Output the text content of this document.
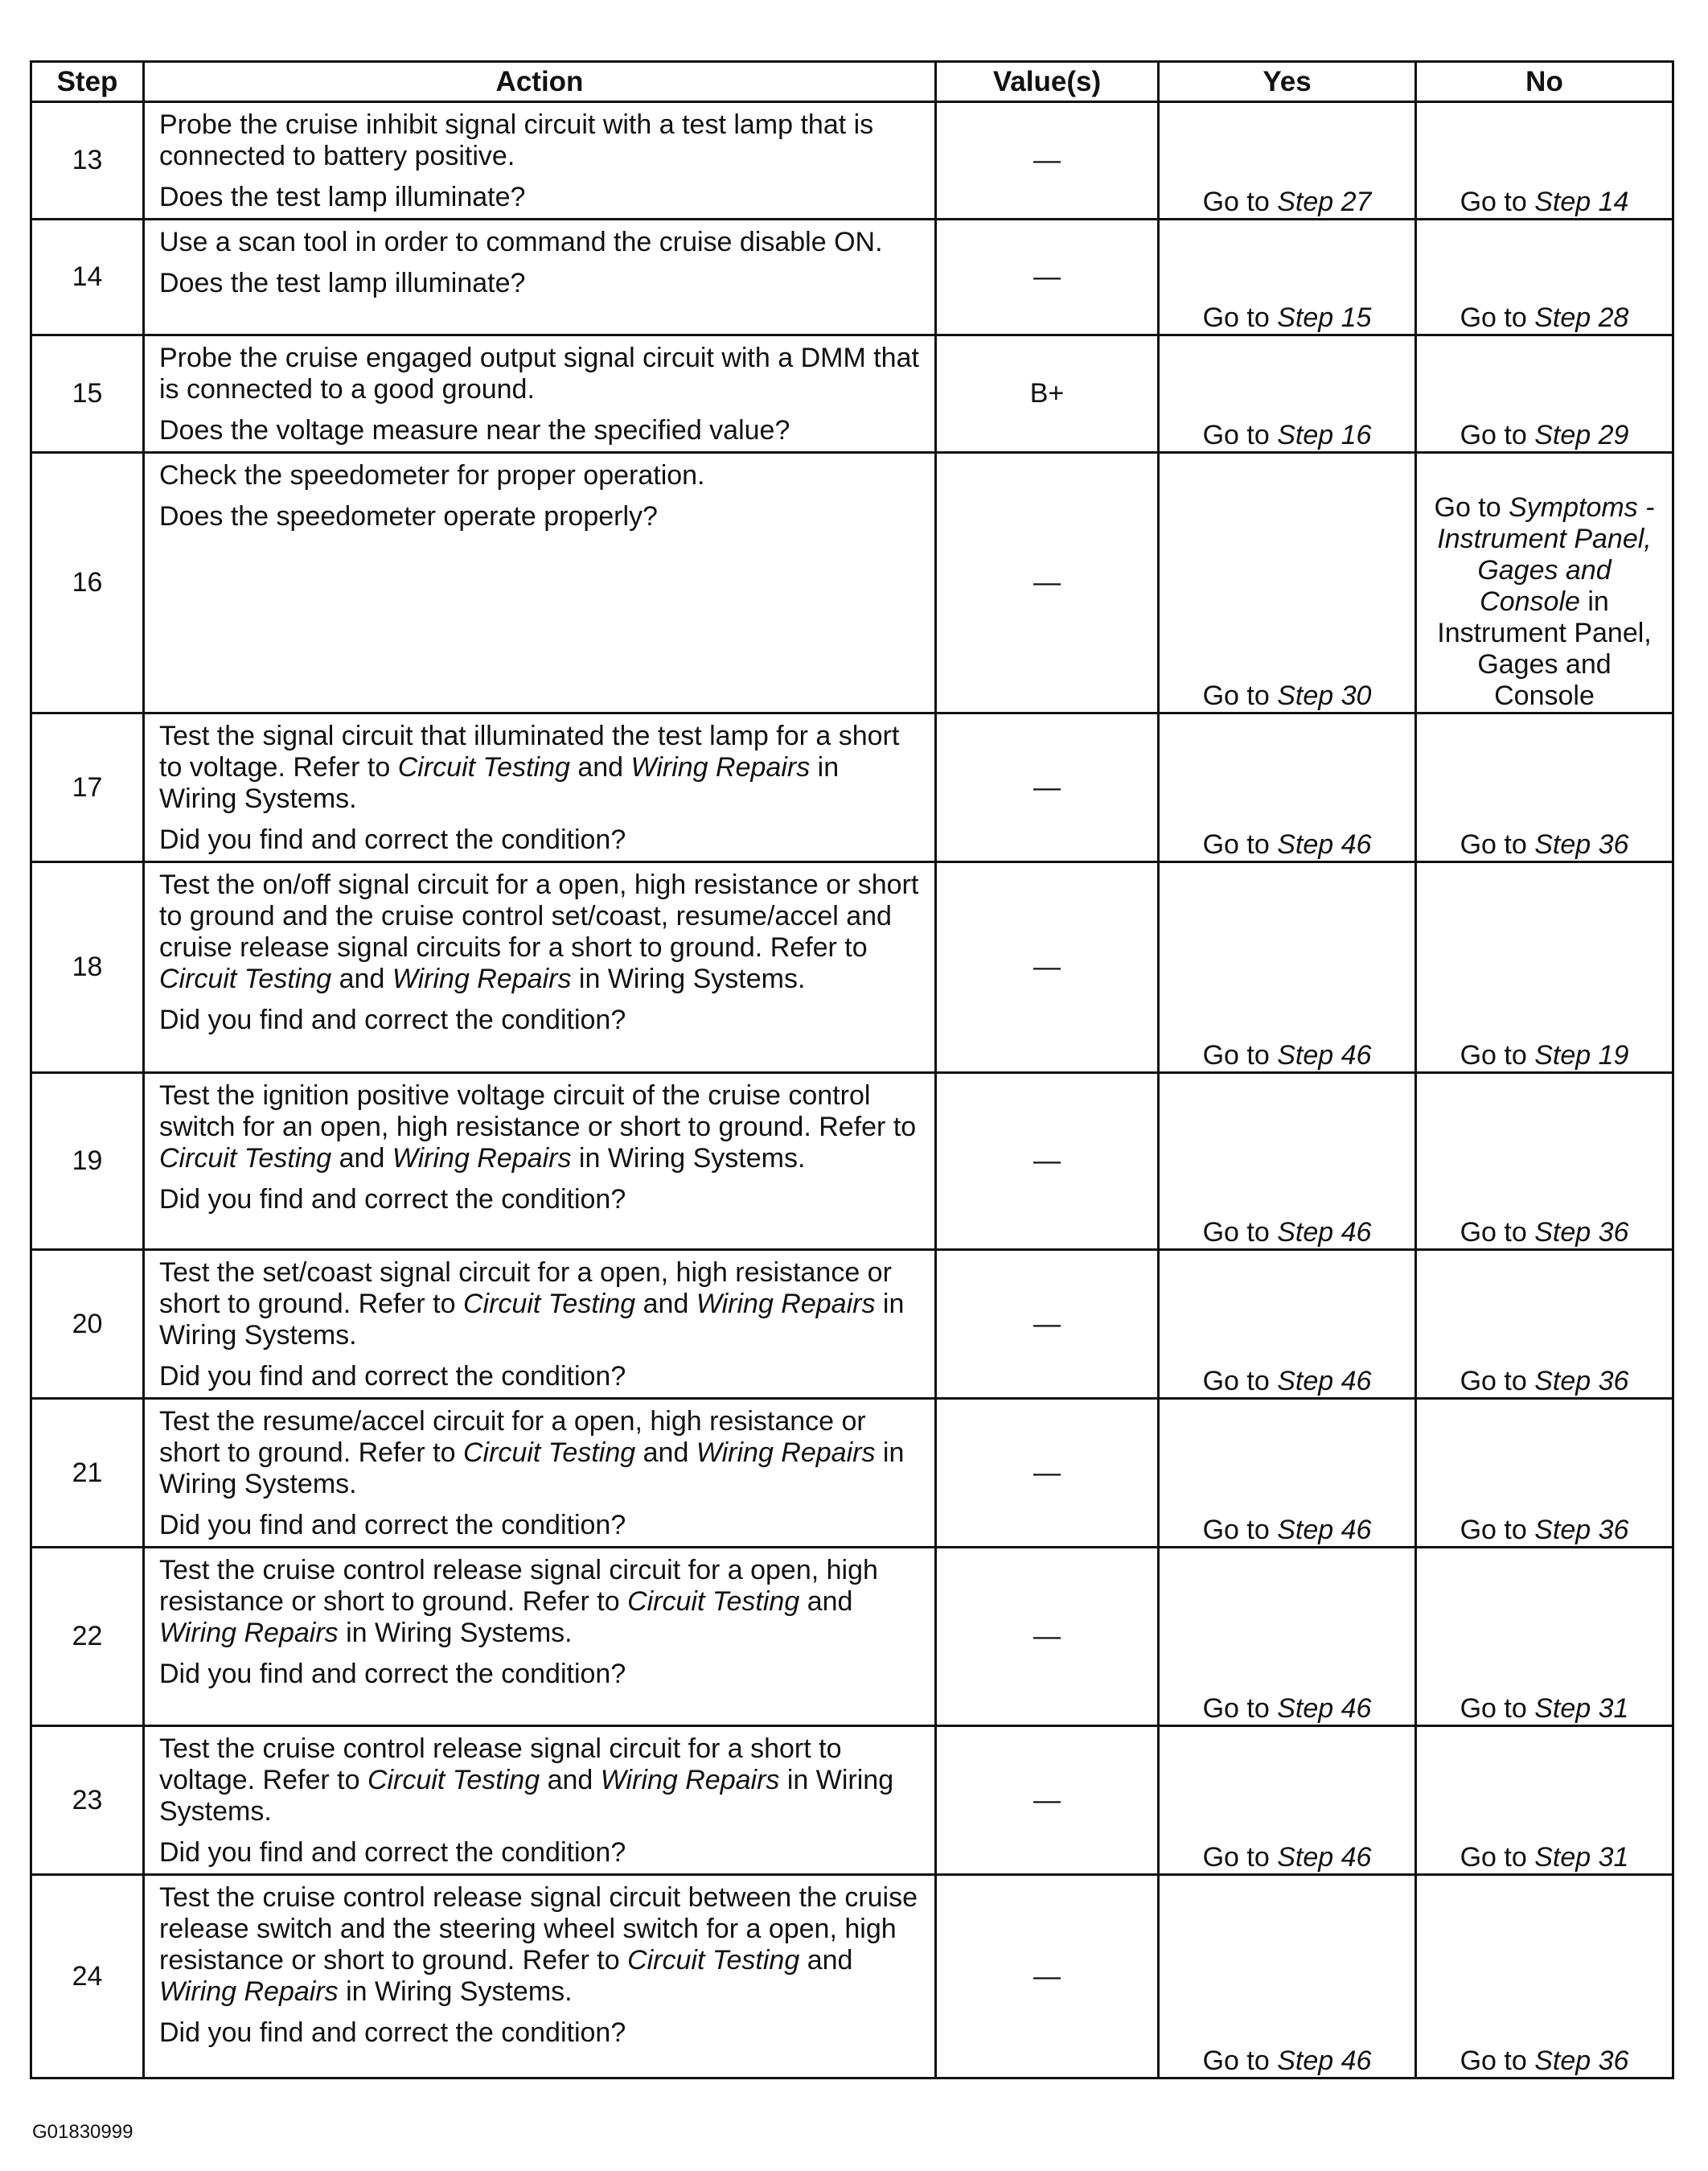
Step	Action	Value(s)	Yes	No
13	Probe the cruise inhibit signal circuit with a test lamp that is connected to battery positive.

Does the test lamp illuminate?	—	Go to Step 27	Go to Step 14
14	Use a scan tool in order to command the cruise disable ON.

Does the test lamp illuminate?	—	Go to Step 15	Go to Step 28
15	Probe the cruise engaged output signal circuit with a DMM that is connected to a good ground.

Does the voltage measure near the specified value?	B+	Go to Step 16	Go to Step 29
16	Check the speedometer for proper operation.

Does the speedometer operate properly?	—	Go to Step 30	Go to Symptoms - Instrument Panel, Gages and Console in Instrument Panel, Gages and Console

17	Test the signal circuit that illuminated the test lamp for a short to voltage. Refer to Circuit Testing and Wiring Repairs in Wiring Systems.

Did you find and correct the condition?	—	Go to Step 46	Go to Step 36
18	Test the on/off signal circuit for a open, high resistance or short to ground and the cruise control set/coast, resume/accel and cruise release signal circuits for a short to ground. Refer to Circuit Testing and Wiring Repairs in Wiring Systems.

Did you find and correct the condition?	—	Go to Step 46	Go to Step 19
19	Test the ignition positive voltage circuit of the cruise control switch for an open, high resistance or short to ground. Refer to Circuit Testing and Wiring Repairs in Wiring Systems.

Did you find and correct the condition?	—	Go to Step 46	Go to Step 36
20	Test the set/coast signal circuit for a open, high resistance or short to ground. Refer to Circuit Testing and Wiring Repairs in Wiring Systems.

Did you find and correct the condition?	—	Go to Step 46	Go to Step 36
21	Test the resume/accel circuit for a open, high resistance or short to ground. Refer to Circuit Testing and Wiring Repairs in Wiring Systems.

Did you find and correct the condition?	—	Go to Step 46	Go to Step 36
22	Test the cruise control release signal circuit for a open, high resistance or short to ground. Refer to Circuit Testing and Wiring Repairs in Wiring Systems.

Did you find and correct the condition?	—	Go to Step 46	Go to Step 31
23	Test the cruise control release signal circuit for a short to voltage. Refer to Circuit Testing and Wiring Repairs in Wiring Systems.

Did you find and correct the condition?	—	Go to Step 46	Go to Step 31
24	Test the cruise control release signal circuit between the cruise release switch and the steering wheel switch for a open, high resistance or short to ground. Refer to Circuit Testing and Wiring Repairs in Wiring Systems.

Did you find and correct the condition?	—	Go to Step 46	Go to Step 36
G01830999
